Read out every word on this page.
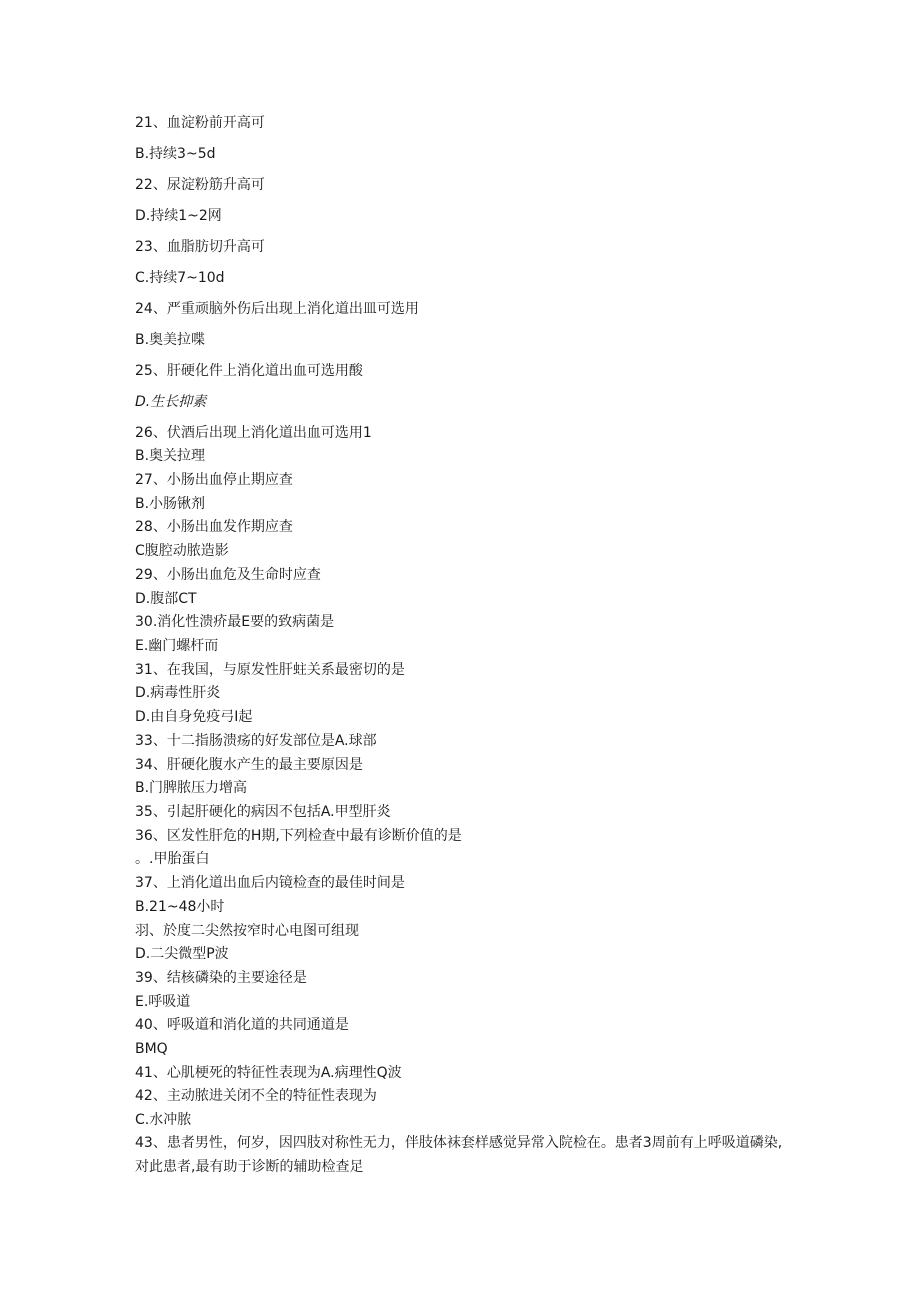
21、血淀粉前开高可
B.持续3~5d
22、尿淀粉筋升高可
D.持续1~2网
23、血脂肪切升高可
C.持续7~10d
24、严重顽脑外伤后出现上消化道出皿可选用
B.奥美拉喋
25、肝硬化件上消化道出血可选用酸
D.生长抑素
26、伏酒后出现上消化道出血可选用1
B.奥关拉理
27、小肠出血停止期应查
B.小肠锹剂
28、小肠出血发作期应查
C腹腔动脓造影
29、小肠出血危及生命时应查
D.腹部CT
30.消化性溃疥最E要的致病菌是
E.幽门螺杆而
31、在我国，与原发性肝蛀关系最密切的是
D.病毒性肝炎
D.由自身免疫弓I起
33、十二指肠溃疡的好发部位是A.球部
34、肝硬化腹水产生的最主要原因是
B.门脾脓压力增高
35、引起肝硬化的病因不包括A.甲型肝炎
36、区发性肝危的H期,下列检查中最有诊断价值的是
。.甲胎蛋白
37、上消化道出血后内镜检查的最佳时间是
B.21~48小时
羽、於度二尖然按窄时心电图可组现
D.二尖微型P波
39、结核磷染的主要途径是
E.呼吸道
40、呼吸道和消化道的共同通道是
BMQ
41、心肌梗死的特征性表现为A.病理性Q波
42、主动脓进关闭不全的特征性表现为
C.水冲脓
43、患者男性，何岁，因四肢对称性无力，伴肢体袜套样感觉异常入院检在。患者3周前有上呼吸道磷染,对此患者,最有助于诊断的辅助检查足
